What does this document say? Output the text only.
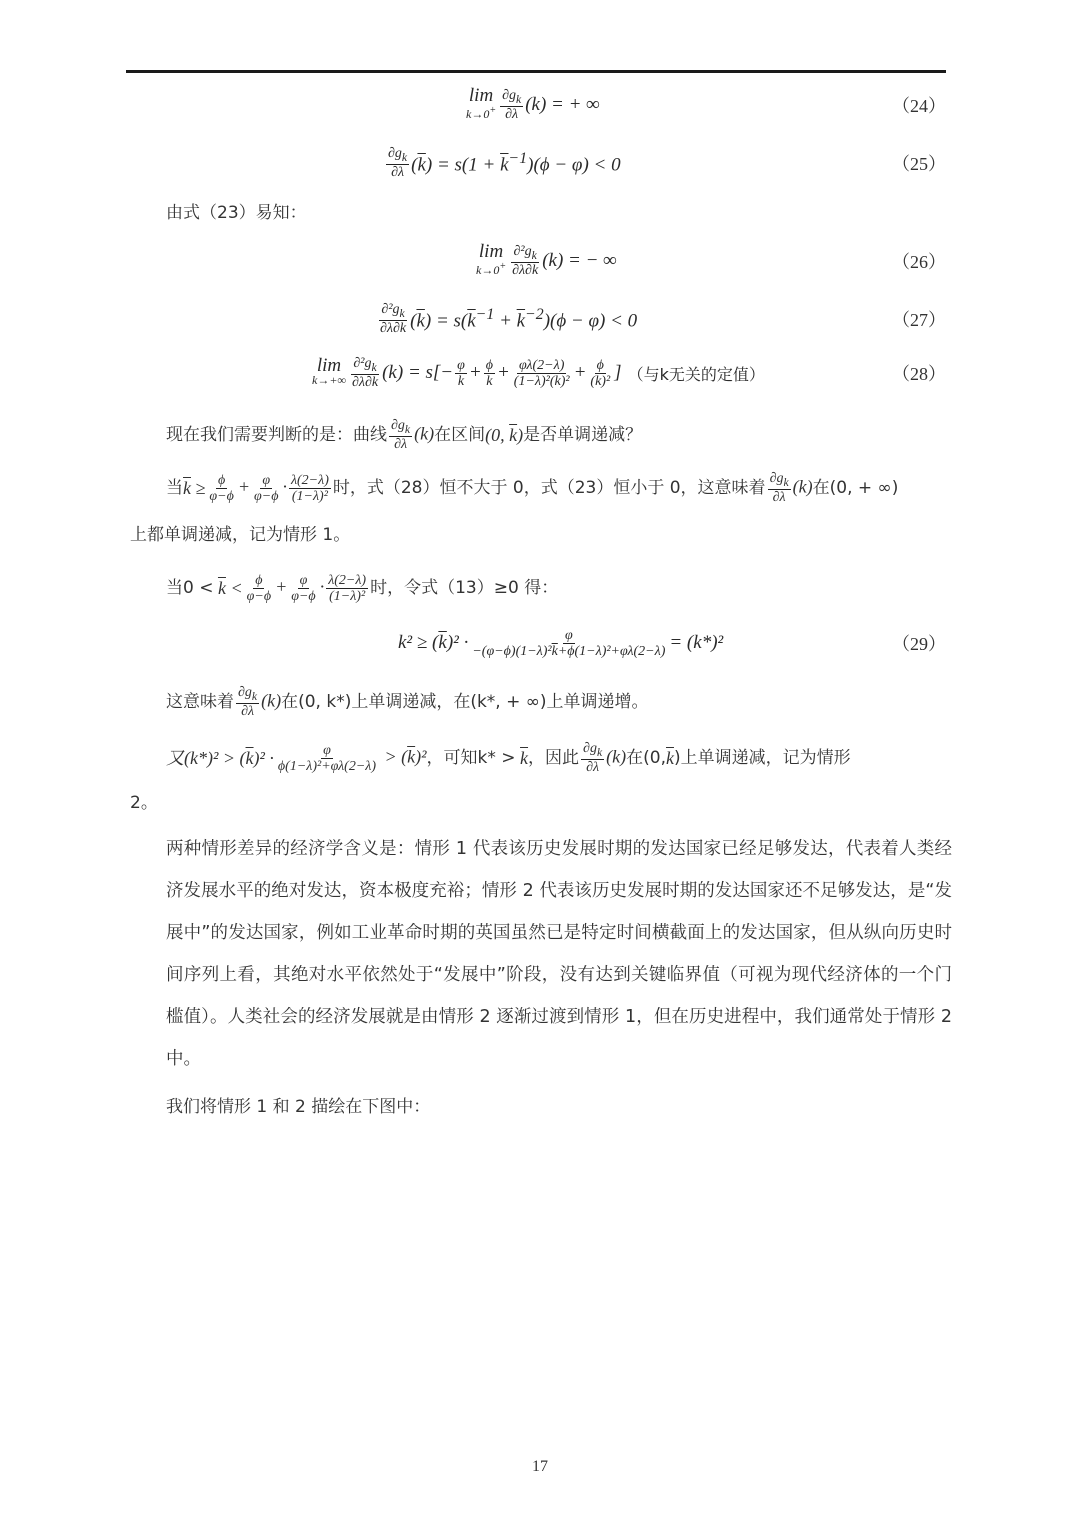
lim
$k\to 0^+ \frac{\partial g_k}{\partial\lambda} (k)$ = + ∞	（24）
$\frac{\partial g_k}{\partial\lambda} (\overline{k}) = s(1 + \overline{k}^{-1})(\phi - \varphi) < 0$	（25）
由式（23）易知：
lim
$k\to 0^+ \frac{\partial^2g_k}{\partial\lambda\partial k} (k)$ = − ∞	（26）
$\frac{\partial^2g_k}{\partial\lambda\partial k} (\overline{k}) = s(\overline{k}^{-1} + \overline{k}^{-2})(\phi - \varphi) < 0$	（27）
lim
$k\to+\infty \frac{\partial^2g_k}{\partial\lambda\partial k} (k) = s[- \frac{\varphi}{k} + \frac{\phi}{k} + \frac{\varphi\lambda(2-\lambda)}{(1-\lambda)^2(\overline{k})^2} + \frac{\phi}{(\overline{k})^2}$ ] （与k无关的定值）	（28）
现在我们需要判断的是：曲线 $\frac{\partial g_k}{\partial\lambda} (k)$ 在区间 (0, $\overline{k}$) 是否单调递减？
当 $\overline{k} \ge \frac{\phi}{\varphi-\phi} + \frac{\varphi}{\varphi-\phi} \cdot \frac{\lambda(2-\lambda)}{\text{(1−λ)²}}$ 时，式（28）恒不大于 0，式（23）恒小于 0，这意味着 $\frac{\partial g_k}{\partial\lambda} (k)$ 在(0, + ∞)
上都单调递减，记为情形 1。
当$0 < \overline{k} < \frac{\phi}{\varphi-\phi} + \frac{\varphi}{\varphi-\phi} \cdot \frac{\lambda(2-\lambda)}{\text{(1−λ)²}}$ 时，令式（13）≥0 得：
$k^2 \ge (\overline{k})^2 \cdot \frac{\varphi}{-(\varphi-\phi)(1-\lambda)^2\overline{k}+\phi(1-\lambda)^2+\varphi\lambda(2-\lambda)} = (k*)^2$	（29）
这意味着 $\frac{\partial g_k}{\partial\lambda} (k)$ 在(0, k*)上单调递减，在(k*, + ∞)上单调递增。
又$(k*)^2 > (\overline{k})^2 \cdot \frac{\varphi}{\text{ϕ(1−λ)²+φλ(2−λ)}} > (\overline{k})^2$ ，可知$k* > \overline{k}$ ，因此 $\frac{\partial g_k}{\partial\lambda} (k)$ 在(0, $\overline{k}$ )上单调递减，记为情形
2。
两种情形差异的经济学含义是：情形 1 代表该历史发展时期的发达国家已经足够发达，代表着人类经济发展水平的绝对发达，资本极度充裕；情形 2 代表该历史发展时期的发达国家还不足够发达，是“发展中”的发达国家，例如工业革命时期的英国虽然已是特定时间横截面上的发达国家，但从纵向历史时间序列上看，其绝对水平依然处于“发展中”阶段，没有达到关键临界值（可视为现代经济体的一个门槛值）。人类社会的经济发展就是由情形 2 逐渐过渡到情形 1，但在历史进程中，我们通常处于情形 2 中。
我们将情形 1 和 2 描绘在下图中：
17
